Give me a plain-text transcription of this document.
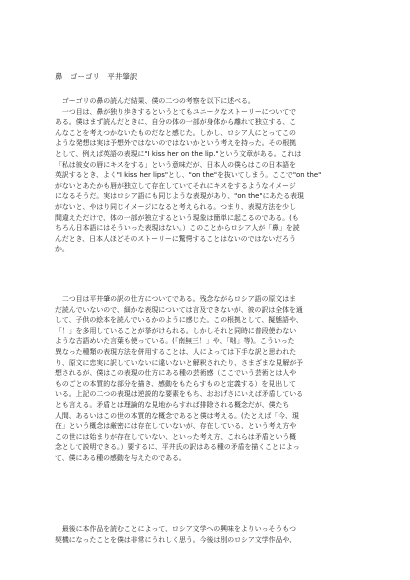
鼻　ゴーゴリ　平井肇訳
　ゴーゴリの鼻の読んだ結果、僕の二つの考察を以下に述べる。
　一つ目は、鼻が独り歩きするというとてもユニークなストーリーについてで
ある。僕はまず読んだときに、自分の体の一部が身体から離れて独立する、こ
んなことを考えつかないたものだなと感じた。しかし、ロシア人にとってこの
ような発想は実は予想外ではないのではないかという考えを持った。その根拠
として、例えば英語の表現に"I kiss her on the lip."という文章がある。これは
「私は彼女の唇にキスをする」という意味だが、日本人の僕らはこの日本語を
英訳するとき、よく"I kiss her lips"とし、"on the"を抜いてしまう。ここで"on the"
がないとあたかも唇が独立して存在していてそれにキスをするようなイメージ
になるそうだ。実はロシア語にも同じような表現があり、"on the"にあたる表現
がないと、やはり同じイメージになると考えられる。つまり、表現方法を少し
間違えただけで、体の一部が独立するという現象は簡単に起こるのである。(も
ちろん日本語にはそういった表現はない。）このことからロシア人が「鼻」を読
んだとき、日本人ほどそのストーリーに驚愕することはないのではないだろう
か。
　二つ目は平井肇の訳の仕方についてである。残念ながらロシア語の原文はま
だ読んでいないので、細かな表現については言及できないが、彼の訳は全体を通
して、子供の絵本を読んでいるかのように感じた。この根拠として、擬態語や、
「！」を多用していることが挙がけられる。しかしそれと同時に普段使わない
ような古語めいた言葉も使っている。(「南無三！」や、「咄」等)。こういった
異なった種類の表現方法を併用することは、人によっては下手な訳と思われた
り、原文に忠実に訳していないに違いないと解釈されたり、さまざまな見解が予
想されるが、僕はこの表現の仕方にある種の芸術感（ここでいう芸術とは人や
ものごとの本質的な部分を描き、感動をもたらすものと定義する）を見出して
いる。上記の二つの表現は逆説的な要素をもち、おおげさにいえば矛盾している
とも言える。矛盾とは理論的な見地からすれば排除される概念だが、僕たち
人間、あるいはこの世の本質的な概念であると僕は考える。(たとえば「今、現
在」という概念は厳密には存在していないが、存在している、という考え方や
この世には始まりが存在していない、といった考え方、これらは矛盾という概
念として説明できる。）要するに、平井氏の訳はある種の矛盾を描くことによっ
て、僕にある種の感動を与えたのである。
　最後に本作品を読むことによって、ロシア文学への興味をよりいっそうもつ
契機になったことを僕は非常にうれしく思う。今後は別のロシア文学作品や、
